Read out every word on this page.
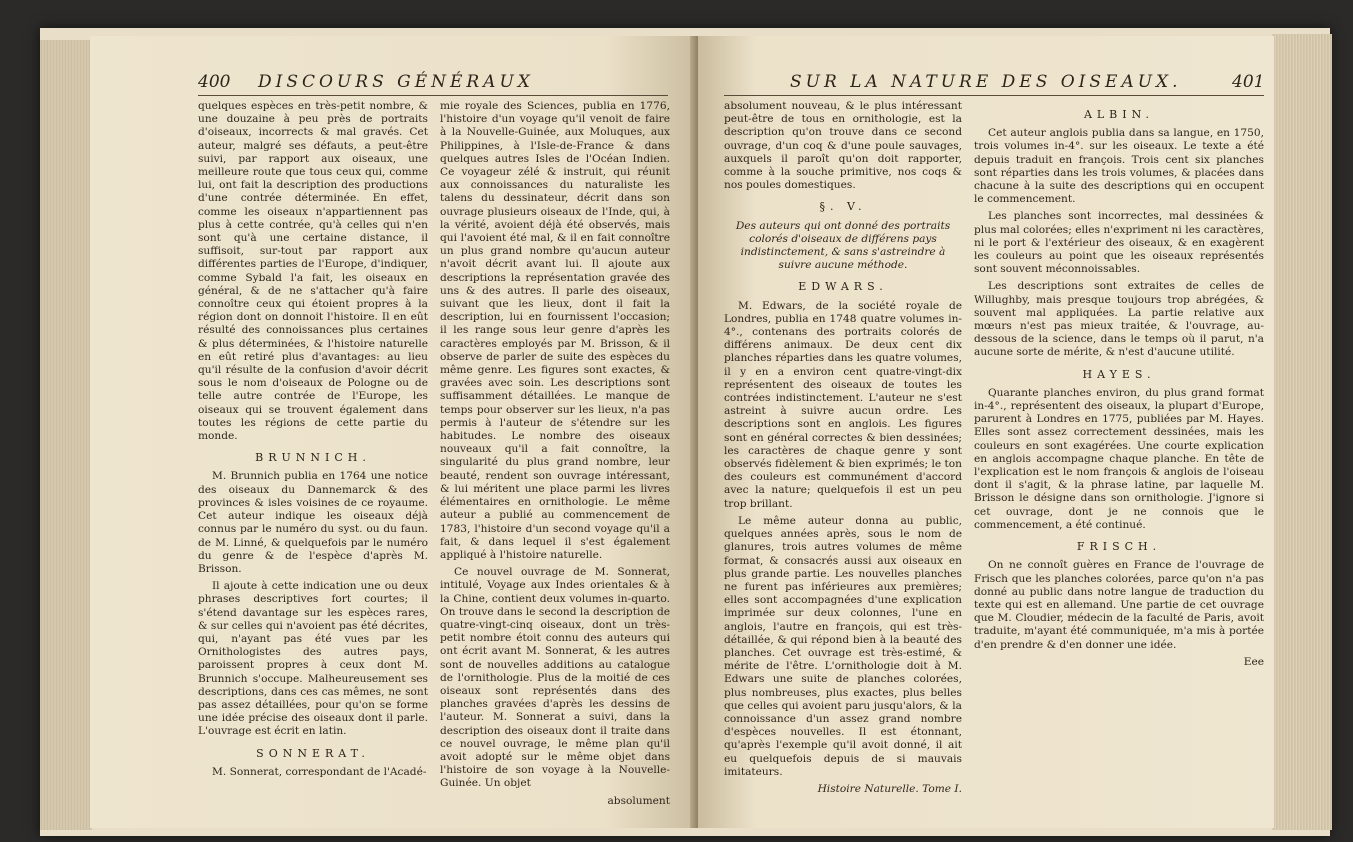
400 DISCOURS GÉNÉRAUX

quelques espèces en très-petit nombre, & une douzaine à peu près de portraits d'oiseaux, incorrects & mal gravés. Cet auteur, malgré ses défauts, a peut-être suivi, par rapport aux oiseaux, une meilleure route que tous ceux qui, comme lui, ont fait la description des productions d'une contrée déterminée. En effet, comme les oiseaux n'appartiennent pas plus à cette contrée, qu'à celles qui n'en sont qu'à une certaine distance, il suffisoit, sur-tout par rapport aux différentes parties de l'Europe, d'indiquer, comme Sybald l'a fait, les oiseaux en général, & de ne s'attacher qu'à faire connoître ceux qui étoient propres à la région dont on donnoit l'histoire. Il en eût résulté des connoissances plus certaines & plus déterminées, & l'histoire naturelle en eût retiré plus d'avantages: au lieu qu'il résulte de la confusion d'avoir décrit sous le nom d'oiseaux de Pologne ou de telle autre contrée de l'Europe, les oiseaux qui se trouvent également dans toutes les régions de cette partie du monde.

BRUNNICH.

M. Brunnich publia en 1764 une notice des oiseaux du Dannemarck & des provinces & isles voisines de ce royaume. Cet auteur indique les oiseaux déjà connus par le numéro du syst. ou du faun. de M. Linné, & quelquefois par le numéro du genre & de l'espèce d'après M. Brisson.

Il ajoute à cette indication une ou deux phrases descriptives fort courtes; il s'étend davantage sur les espèces rares, & sur celles qui n'avoient pas été décrites, qui, n'ayant pas été vues par les Ornithologistes des autres pays, paroissent propres à ceux dont M. Brunnich s'occupe. Malheureusement ses descriptions, dans ces cas mêmes, ne sont pas assez détaillées, pour qu'on se forme une idée précise des oiseaux dont il parle. L'ouvrage est écrit en latin.

SONNERAT.

M. Sonnerat, correspondant de l'Acadé-

mie royale des Sciences, publia en 1776, l'histoire d'un voyage qu'il venoit de faire à la Nouvelle-Guinée, aux Moluques, aux Philippines, à l'Isle-de-France & dans quelques autres Isles de l'Océan Indien. Ce voyageur zélé & instruit, qui réunit aux connoissances du naturaliste les talens du dessinateur, décrit dans son ouvrage plusieurs oiseaux de l'Inde, qui, à la vérité, avoient déjà été observés, mais qui l'avoient été mal, & il en fait connoître un plus grand nombre qu'aucun auteur n'avoit décrit avant lui. Il ajoute aux descriptions la représentation gravée des uns & des autres. Il parle des oiseaux, suivant que les lieux, dont il fait la description, lui en fournissent l'occasion; il les range sous leur genre d'après les caractères employés par M. Brisson, & il observe de parler de suite des espèces du même genre. Les figures sont exactes, & gravées avec soin. Les descriptions sont suffisamment détaillées. Le manque de temps pour observer sur les lieux, n'a pas permis à l'auteur de s'étendre sur les habitudes. Le nombre des oiseaux nouveaux qu'il a fait connoître, la singularité du plus grand nombre, leur beauté, rendent son ouvrage intéressant, & lui méritent une place parmi les livres élémentaires en ornithologie. Le même auteur a publié au commencement de 1783, l'histoire d'un second voyage qu'il a fait, & dans lequel il s'est également appliqué à l'histoire naturelle.

Ce nouvel ouvrage de M. Sonnerat, intitulé, Voyage aux Indes orientales & à la Chine, contient deux volumes in-quarto. On trouve dans le second la description de quatre-vingt-cinq oiseaux, dont un très-petit nombre étoit connu des auteurs qui ont écrit avant M. Sonnerat, & les autres sont de nouvelles additions au catalogue de l'ornithologie. Plus de la moitié de ces oiseaux sont représentés dans des planches gravées d'après les dessins de l'auteur. M. Sonnerat a suivi, dans la description des oiseaux dont il traite dans ce nouvel ouvrage, le même plan qu'il avoit adopté sur le même objet dans l'histoire de son voyage à la Nouvelle-Guinée. Un objet

absolument

SUR LA NATURE DES OISEAUX.	401

absolument nouveau, & le plus intéressant peut-être de tous en ornithologie, est la description qu'on trouve dans ce second ouvrage, d'un coq & d'une poule sauvages, auxquels il paroît qu'on doit rapporter, comme à la souche primitive, nos coqs & nos poules domestiques.

§. V.

Des auteurs qui ont donné des portraits colorés d'oiseaux de différens pays indistinctement, & sans s'astreindre à suivre aucune méthode.

EDWARS.

M. Edwars, de la société royale de Londres, publia en 1748 quatre volumes in-4°., contenans des portraits colorés de différens animaux. De deux cent dix planches réparties dans les quatre volumes, il y en a environ cent quatre-vingt-dix représentent des oiseaux de toutes les contrées indistinctement. L'auteur ne s'est astreint à suivre aucun ordre. Les descriptions sont en anglois. Les figures sont en général correctes & bien dessinées; les caractères de chaque genre y sont observés fidèlement & bien exprimés; le ton des couleurs est communément d'accord avec la nature; quelquefois il est un peu trop brillant.

Le même auteur donna au public, quelques années après, sous le nom de glanures, trois autres volumes de même format, & consacrés aussi aux oiseaux en plus grande partie. Les nouvelles planches ne furent pas inférieures aux premières; elles sont accompagnées d'une explication imprimée sur deux colonnes, l'une en anglois, l'autre en françois, qui est très-détaillée, & qui répond bien à la beauté des planches. Cet ouvrage est très-estimé, & mérite de l'être. L'ornithologie doit à M. Edwars une suite de planches colorées, plus nombreuses, plus exactes, plus belles que celles qui avoient paru jusqu'alors, & la connoissance d'un assez grand nombre d'espèces nouvelles. Il est étonnant, qu'après l'exemple qu'il avoit donné, il ait eu quelquefois depuis de si mauvais imitateurs.

Histoire Naturelle. Tome I.

ALBIN.

Cet auteur anglois publia dans sa langue, en 1750, trois volumes in-4°. sur les oiseaux. Le texte a été depuis traduit en françois. Trois cent six planches sont réparties dans les trois volumes, & placées dans chacune à la suite des descriptions qui en occupent le commencement.

Les planches sont incorrectes, mal dessinées & plus mal colorées; elles n'expriment ni les caractères, ni le port & l'extérieur des oiseaux, & en exagèrent les couleurs au point que les oiseaux représentés sont souvent méconnoissables.

Les descriptions sont extraites de celles de Willughby, mais presque toujours trop abrégées, & souvent mal appliquées. La partie relative aux mœurs n'est pas mieux traitée, & l'ouvrage, au-dessous de la science, dans le temps où il parut, n'a aucune sorte de mérite, & n'est d'aucune utilité.

HAYES.

Quarante planches environ, du plus grand format in-4°., représentent des oiseaux, la plupart d'Europe, parurent à Londres en 1775, publiées par M. Hayes. Elles sont assez correctement dessinées, mais les couleurs en sont exagérées. Une courte explication en anglois accompagne chaque planche. En tête de l'explication est le nom françois & anglois de l'oiseau dont il s'agit, & la phrase latine, par laquelle M. Brisson le désigne dans son ornithologie. J'ignore si cet ouvrage, dont je ne connois que le commencement, a été continué.

FRISCH.

On ne connoît guères en France de l'ouvrage de Frisch que les planches colorées, parce qu'on n'a pas donné au public dans notre langue de traduction du texte qui est en allemand. Une partie de cet ouvrage que M. Cloudier, médecin de la faculté de Paris, avoit traduite, m'ayant été communiquée, m'a mis à portée d'en prendre & d'en donner une idée.

Eee
